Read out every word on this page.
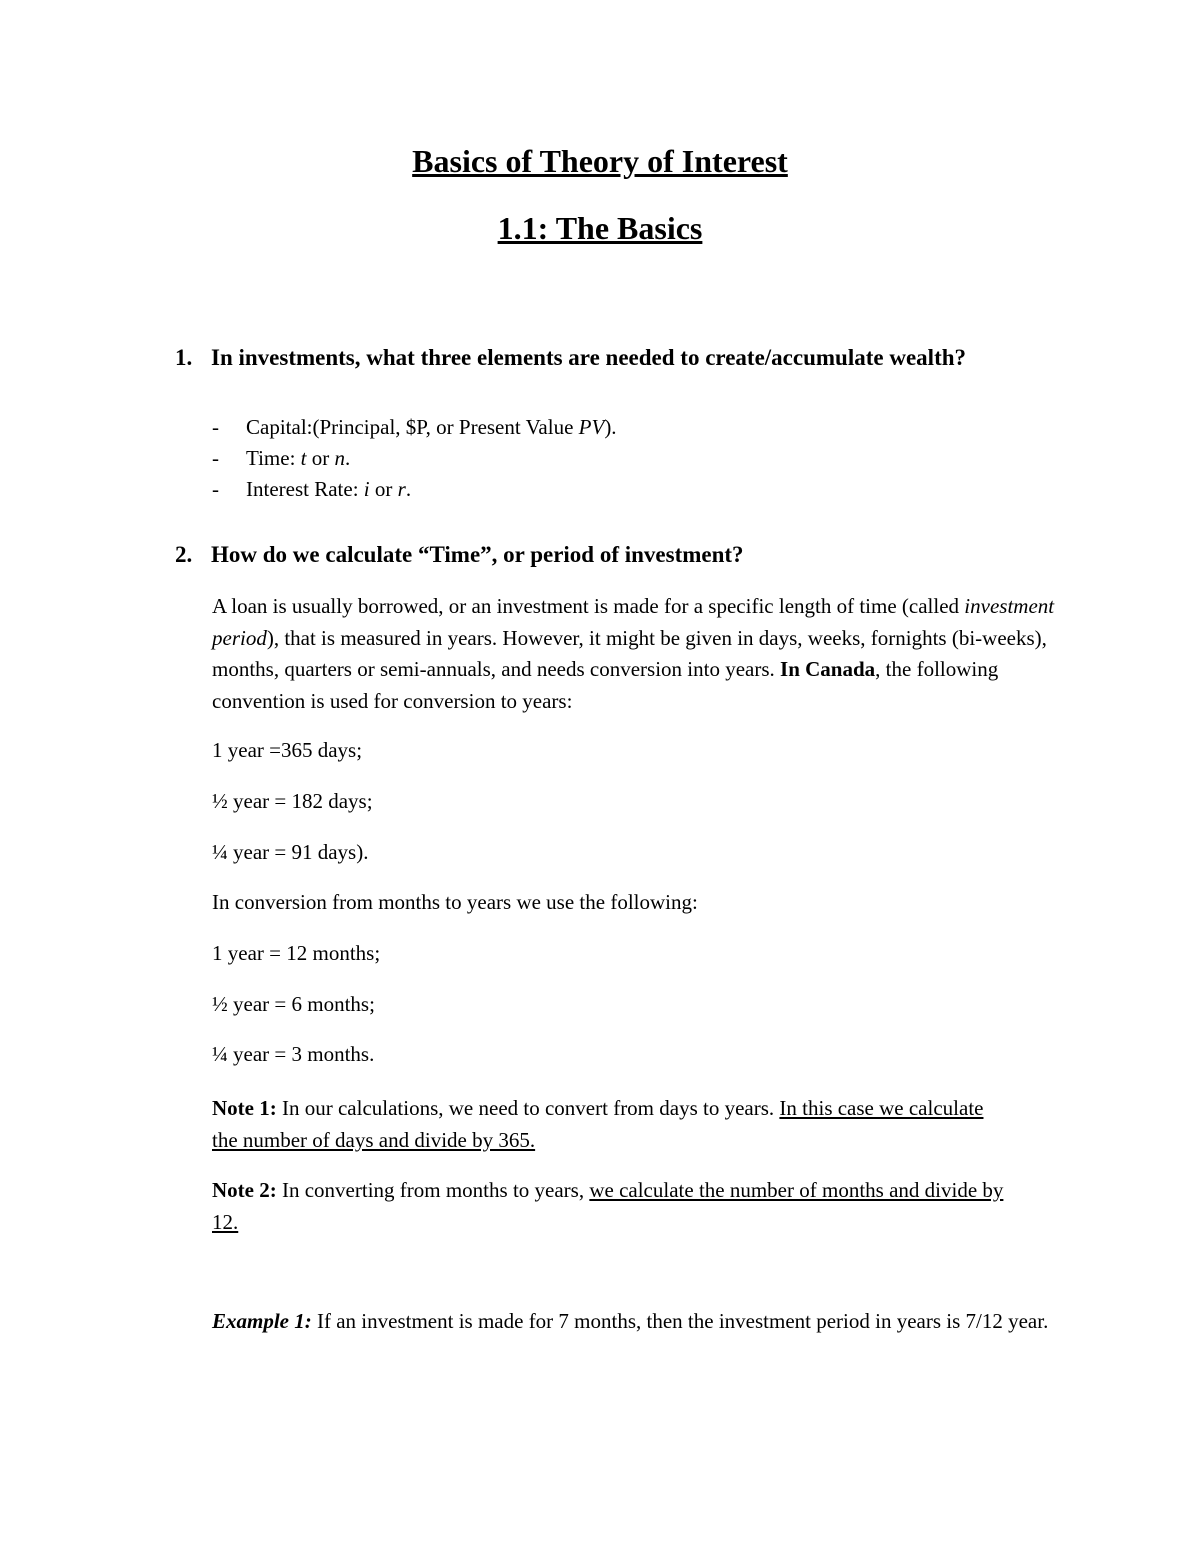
Basics of Theory of Interest
1.1: The Basics
1. In investments, what three elements are needed to create/accumulate wealth?
- Capital:(Principal, $P, or Present Value PV).
- Time: t or n.
- Interest Rate: i or r.
2. How do we calculate “Time”, or period of investment?

A loan is usually borrowed, or an investment is made for a specific length of time (called investment period), that is measured in years. However, it might be given in days, weeks, fornights (bi-weeks), months, quarters or semi-annuals, and needs conversion into years. In Canada, the following convention is used for conversion to years:

1 year =365 days;

½ year = 182 days;

¼ year = 91 days).

In conversion from months to years we use the following:

1 year = 12 months;

½ year = 6 months;

¼ year = 3 months.

Note 1: In our calculations, we need to convert from days to years. In this case we calculate the number of days and divide by 365.

Note 2: In converting from months to years, we calculate the number of months and divide by 12.

Example 1: If an investment is made for 7 months, then the investment period in years is 7/12 year.
